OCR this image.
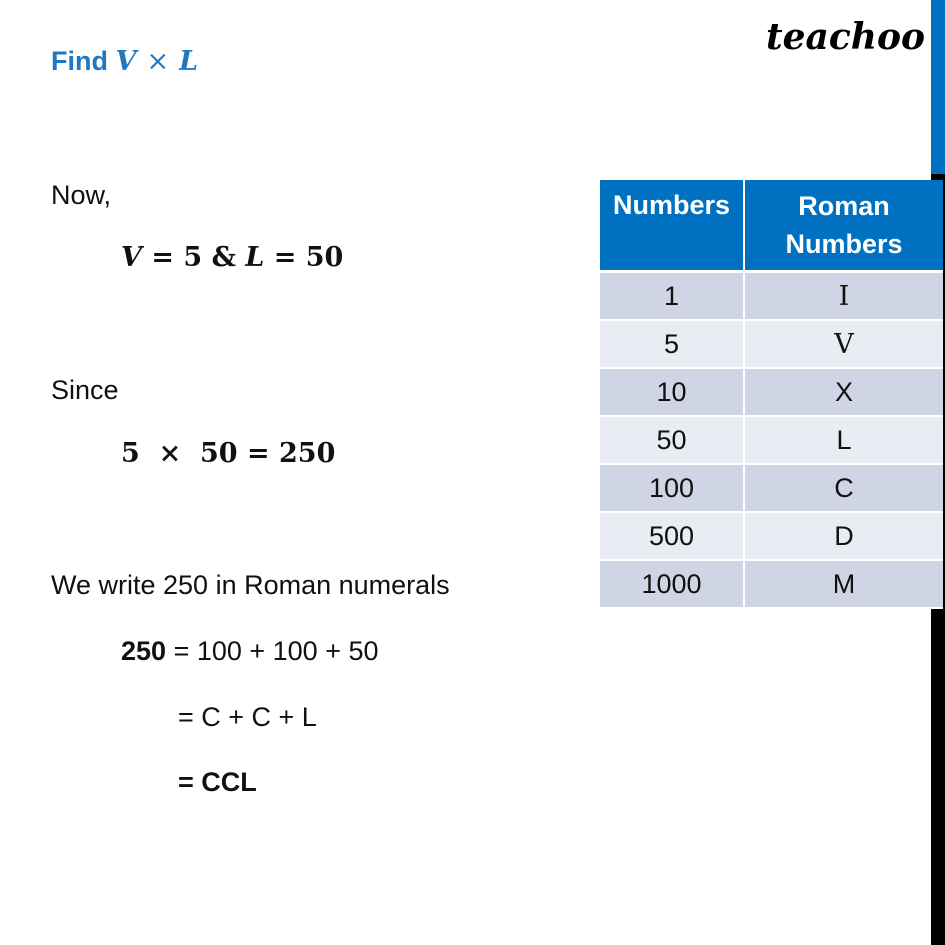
teachoo
Find V × L
Now,
V = 5 & L = 50
Since
5  ×  50 = 250
We write 250 in Roman numerals
250 = 100 + 100 + 50
= C + C + L
= CCL
Numbers	Roman Numbers
1	I
5	V
10	X
50	L
100	C
500	D
1000	M
